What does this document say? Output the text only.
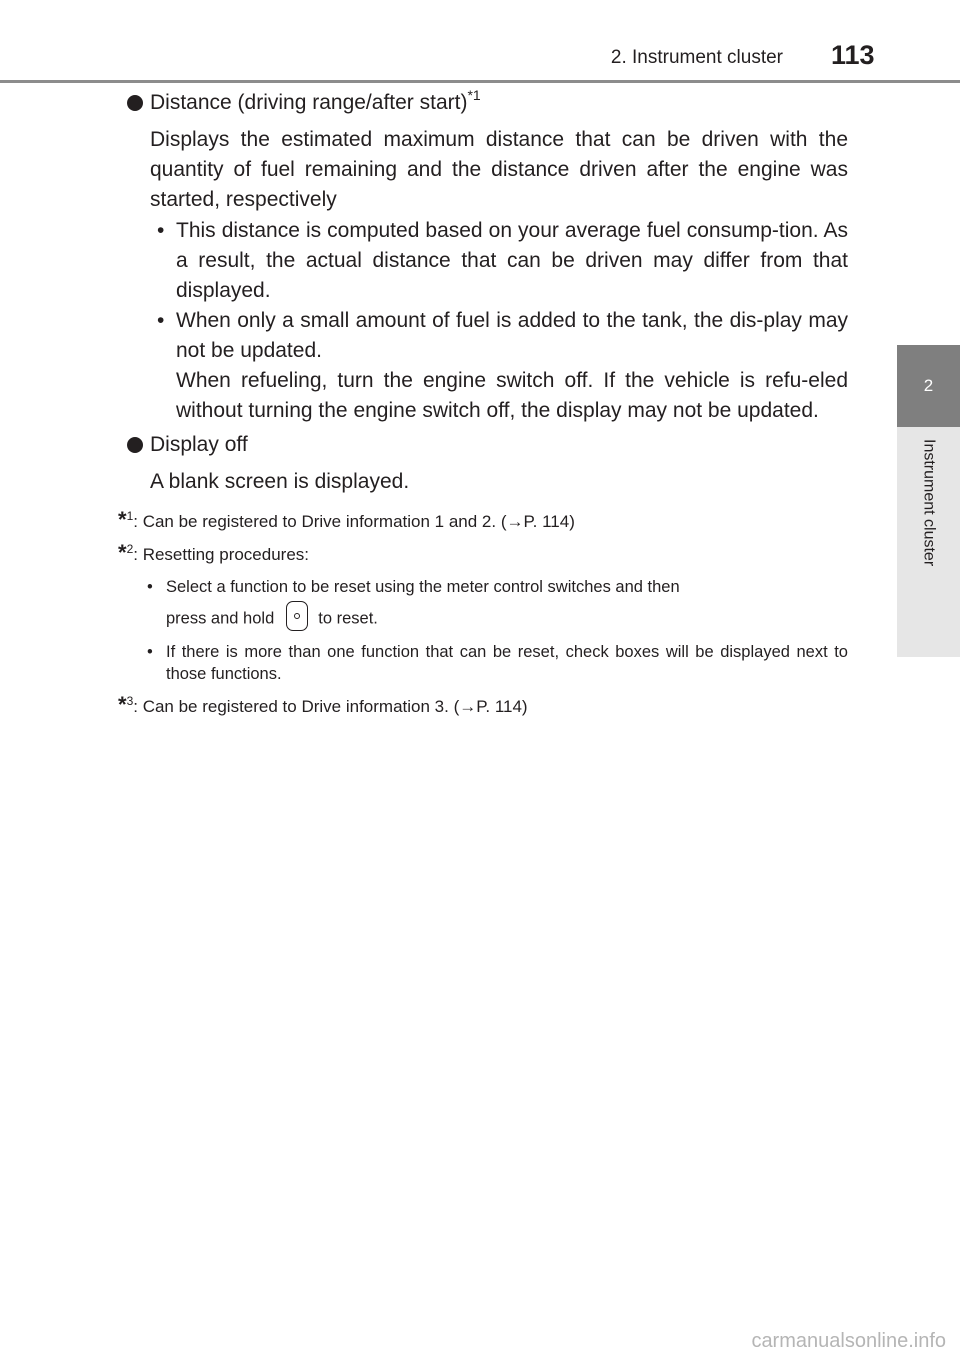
2. Instrument cluster 113
2
Instrument cluster
Distance (driving range/after start)$^{*1}$
Displays the estimated maximum distance that can be driven with the quantity of fuel remaining and the distance driven after the engine was started, respectively
• This distance is computed based on your average fuel consump-tion. As a result, the actual distance that can be driven may differ from that displayed.
• When only a small amount of fuel is added to the tank, the dis-play may not be updated.
When refueling, turn the engine switch off. If the vehicle is refu-eled without turning the engine switch off, the display may not be updated.
Display off
A blank screen is displayed.
*$^1$: Can be registered to Drive information 1 and 2. (→P. 114)
*$^2$: Resetting procedures:
• Select a function to be reset using the meter control switches and then
press and hold	to reset.
• If there is more than one function that can be reset, check boxes will be displayed next to those functions.
*$^3$: Can be registered to Drive information 3. (→P. 114)
carmanualsonline.info
